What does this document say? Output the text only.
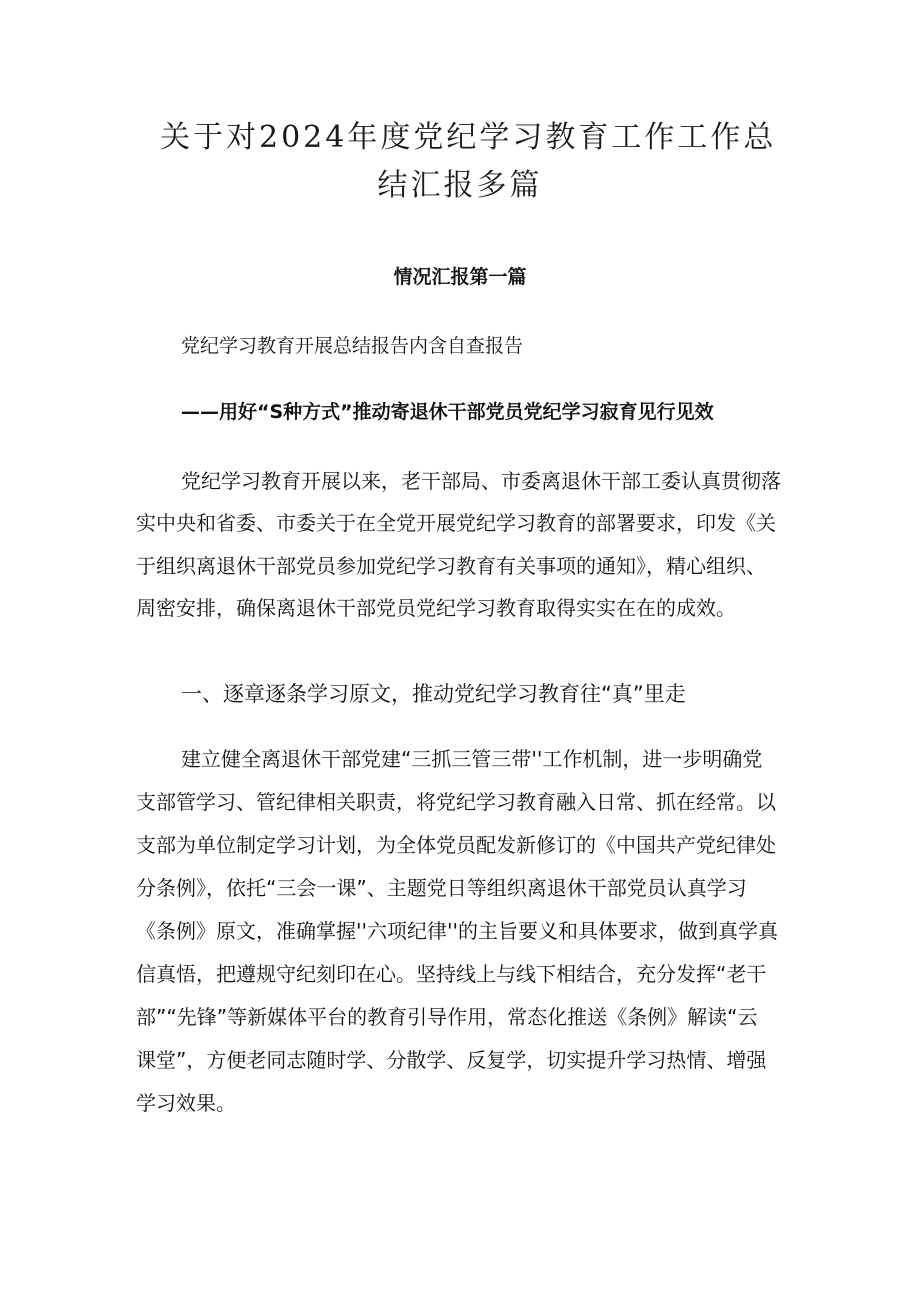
关于对2024年度党纪学习教育工作工作总
结汇报多篇
情况汇报第一篇
党纪学习教育开展总结报告内含自查报告
——用好“S种方式”推动寄退休干部党员党纪学习寂育见行见效
党纪学习教育开展以来，老干部局、市委离退休干部工委认真贯彻落
实中央和省委、市委关于在全党开展党纪学习教育的部署要求，印发《关
于组织离退休干部党员参加党纪学习教育有关事项的通知》，精心组织、
周密安排，确保离退休干部党员党纪学习教育取得实实在在的成效。
一、逐章逐条学习原文，推动党纪学习教育往“真”里走
建立健全离退休干部党建“三抓三管三带''工作机制，进一步明确党
支部管学习、管纪律相关职责，将党纪学习教育融入日常、抓在经常。以
支部为单位制定学习计划，为全体党员配发新修订的《中国共产党纪律处
分条例》，依托“三会一课”、主题党日等组织离退休干部党员认真学习
《条例》原文，准确掌握''六项纪律''的主旨要义和具体要求，做到真学真
信真悟，把遵规守纪刻印在心。坚持线上与线下相结合，充分发挥“老干
部”“先锋”等新媒体平台的教育引导作用，常态化推送《条例》解读“云
课堂”，方便老同志随时学、分散学、反复学，切实提升学习热情、增强
学习效果。
